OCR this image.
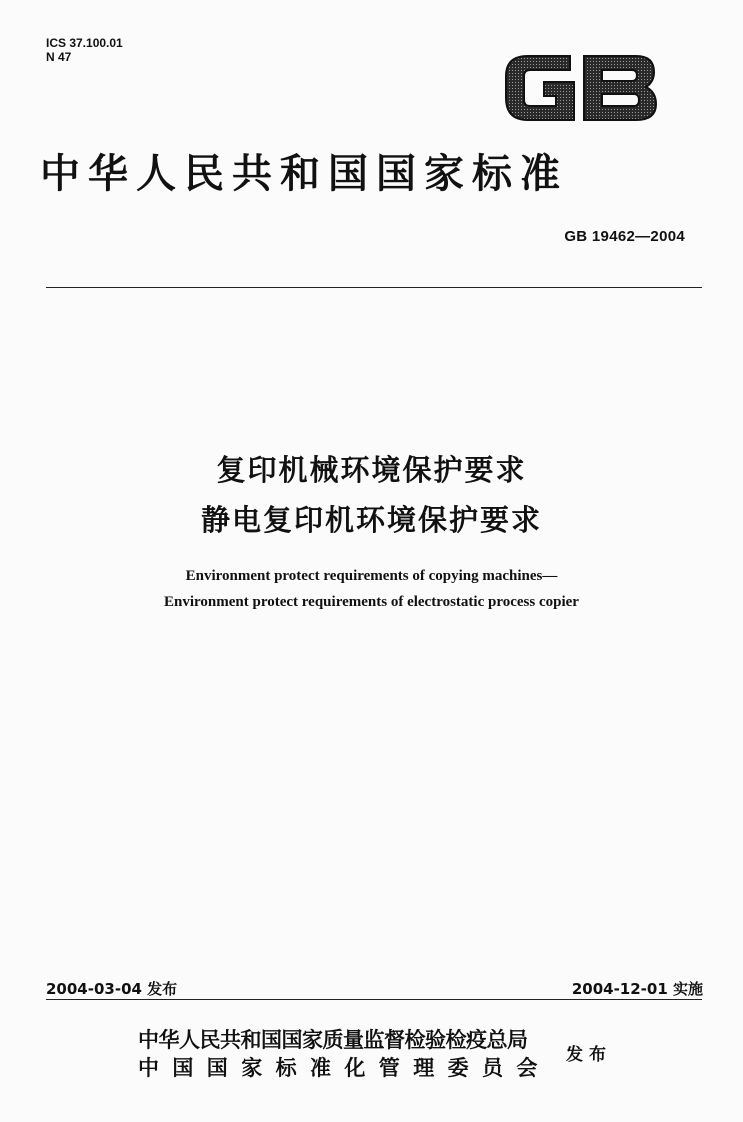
ICS 37.100.01
N 47
GB
中华人民共和国国家标准
GB 19462—2004
复印机械环境保护要求
静电复印机环境保护要求
Environment protect requirements of copying machines—
Environment protect requirements of electrostatic process copier
2004-03-04 发布	2004-12-01 实施
中华人民共和国国家质量监督检验检疫总局
中国国家标准化管理委员会 发布
